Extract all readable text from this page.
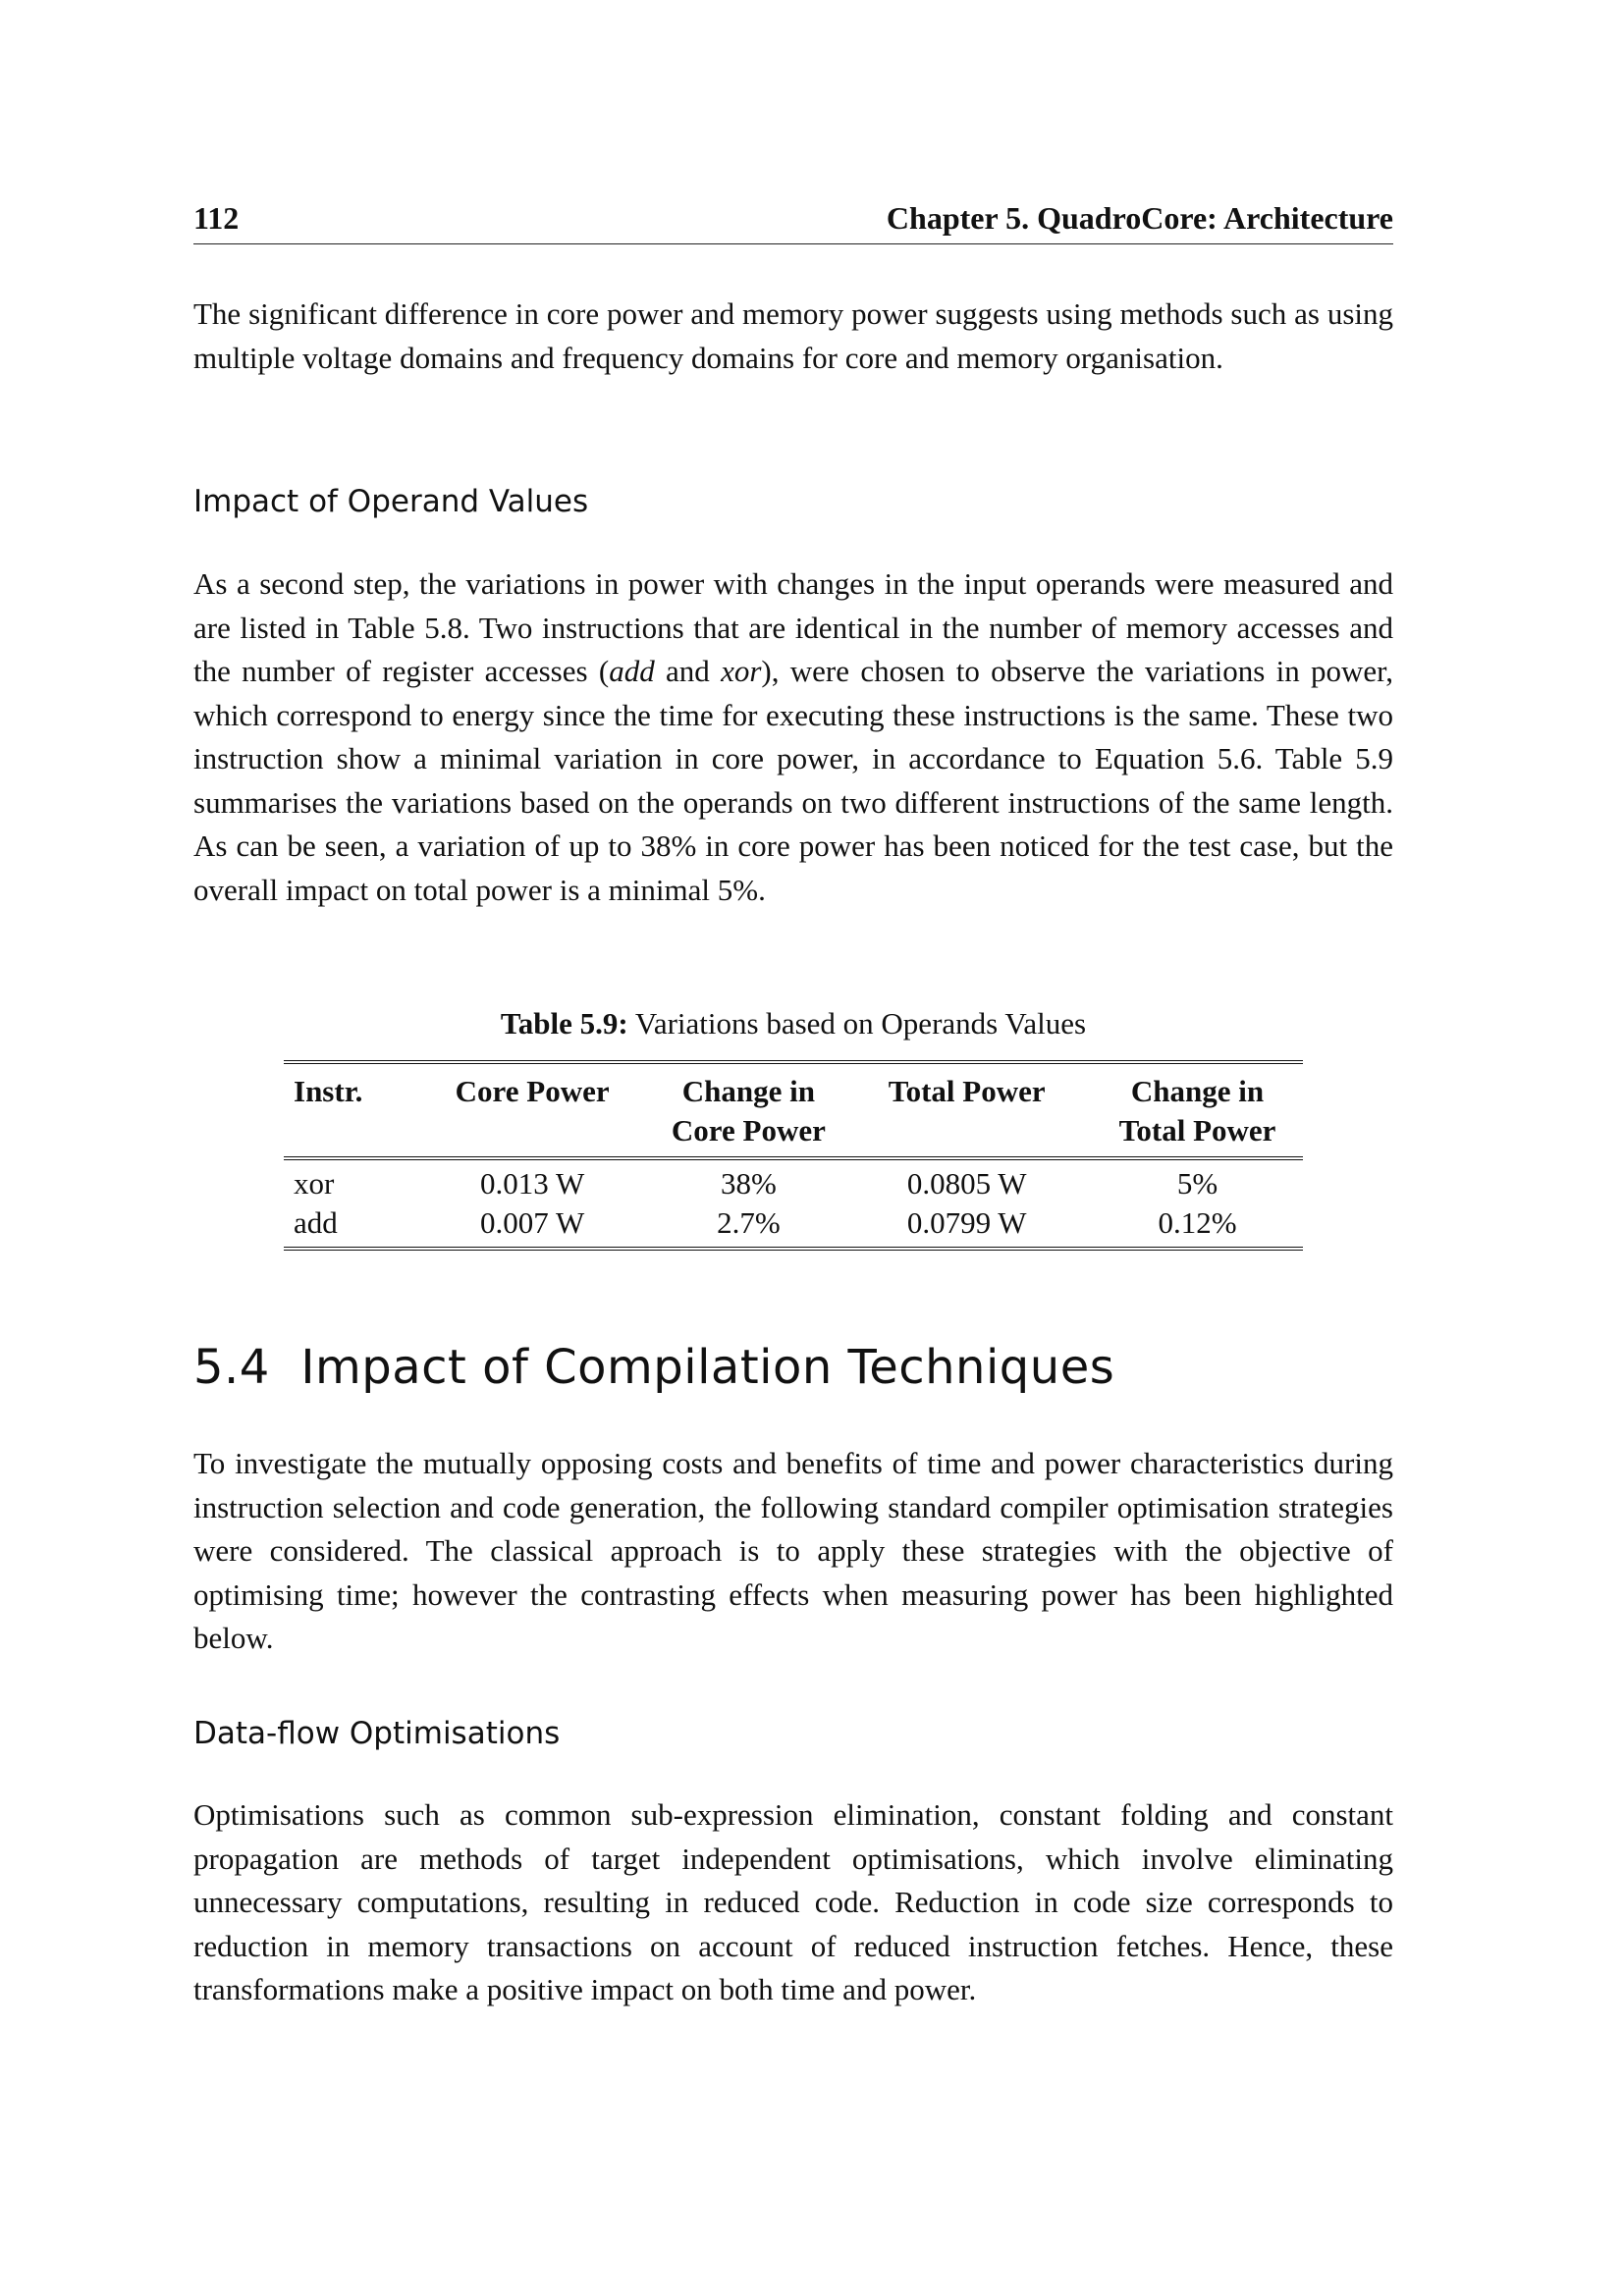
112	Chapter 5. QuadroCore: Architecture

The significant difference in core power and memory power suggests using methods such as using multiple voltage domains and frequency domains for core and memory organisation.

Impact of Operand Values

As a second step, the variations in power with changes in the input operands were measured and are listed in Table 5.8. Two instructions that are identical in the number of memory accesses and the number of register accesses (add and xor), were chosen to observe the variations in power, which correspond to energy since the time for executing these instructions is the same. These two instruction show a minimal variation in core power, in accordance to Equation 5.6. Table 5.9 summarises the variations based on the operands on two different instructions of the same length. As can be seen, a variation of up to 38% in core power has been noticed for the test case, but the overall impact on total power is a minimal 5%.

Table 5.9: Variations based on Operands Values
Instr.	Core Power	Change in Core Power	Total Power	Change in Total Power
xor	0.013 W	38%	0.0805 W	5%
add	0.007 W	2.7%	0.0799 W	0.12%
5.4  Impact of Compilation Techniques

To investigate the mutually opposing costs and benefits of time and power characteristics during instruction selection and code generation, the following standard compiler optimisation strategies were considered. The classical approach is to apply these strategies with the objective of optimising time; however the contrasting effects when measuring power has been highlighted below.

Data-flow Optimisations

Optimisations such as common sub-expression elimination, constant folding and constant propagation are methods of target independent optimisations, which involve eliminating unnecessary computations, resulting in reduced code. Reduction in code size corresponds to reduction in memory transactions on account of reduced instruction fetches. Hence, these transformations make a positive impact on both time and power.
